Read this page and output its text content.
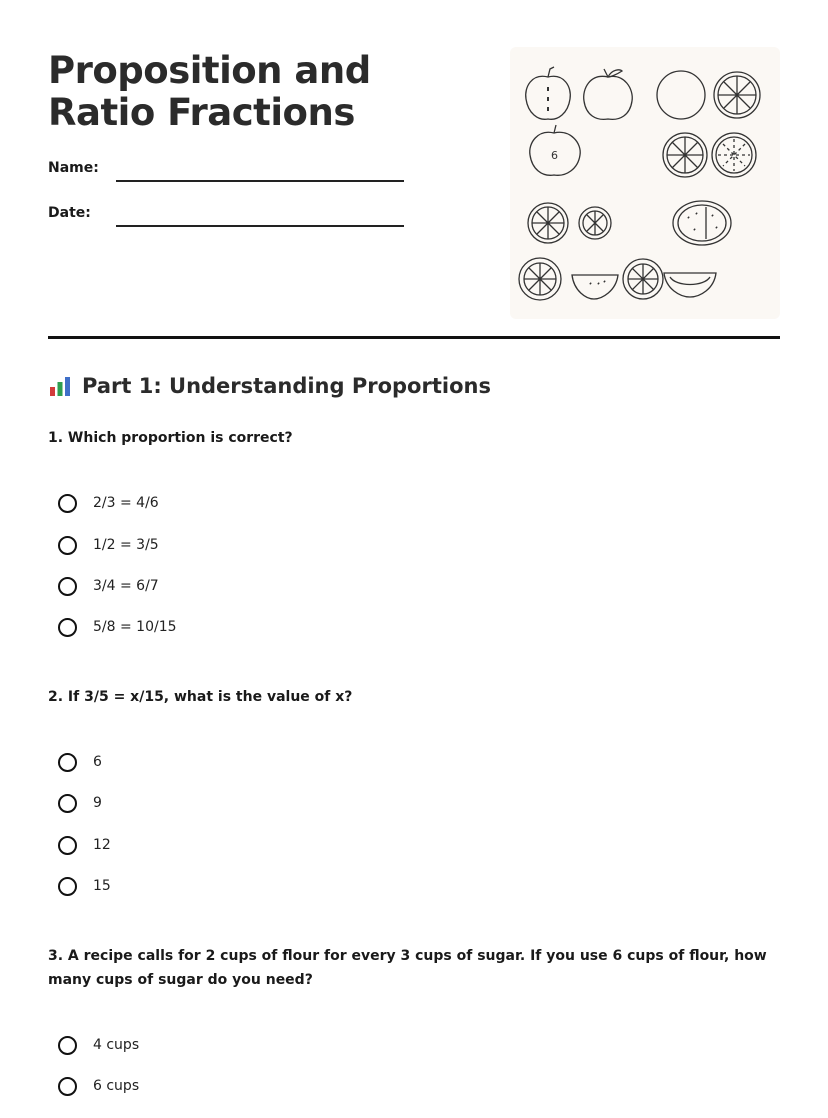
Proposition and Ratio Fractions
Name:
Date:
6
Part 1: Understanding Proportions
1. Which proportion is correct?
2/3 = 4/6
1/2 = 3/5
3/4 = 6/7
5/8 = 10/15
2. If 3/5 = x/15, what is the value of x?
6
9
12
15
3. A recipe calls for 2 cups of flour for every 3 cups of sugar. If you use 6 cups of flour, how many cups of sugar do you need?
4 cups
6 cups
